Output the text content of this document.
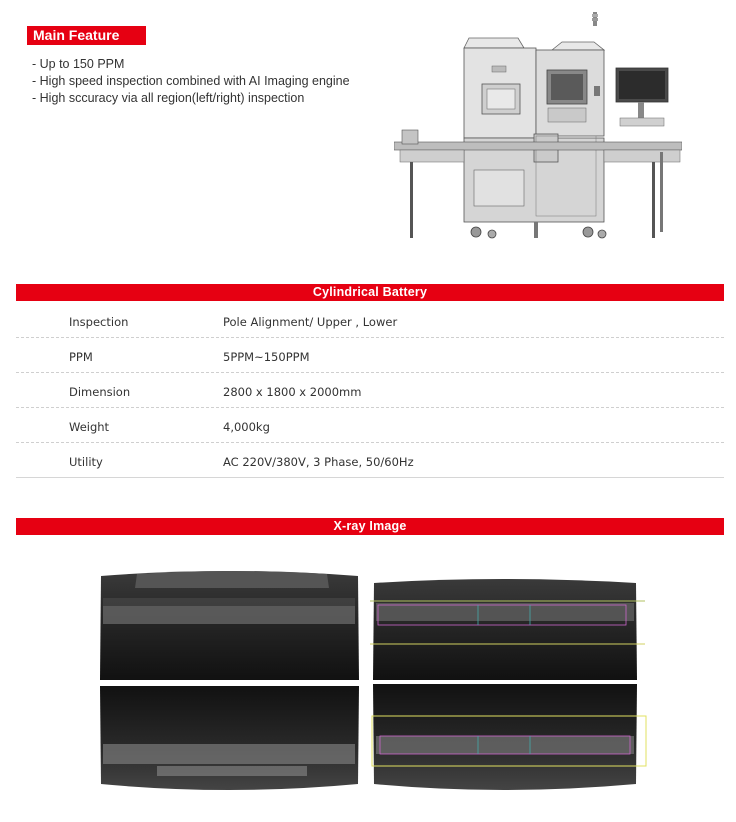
Main Feature
- Up to 150 PPM
- High speed inspection combined with AI Imaging engine
- High sccuracy via all region(left/right) inspection
Cylindrical Battery
Inspection	Pole Alignment/ Upper , Lower
PPM	5PPM~150PPM
Dimension	2800 x 1800 x 2000mm
Weight	4,000kg
Utility	AC 220V/380V, 3 Phase, 50/60Hz
X-ray Image
